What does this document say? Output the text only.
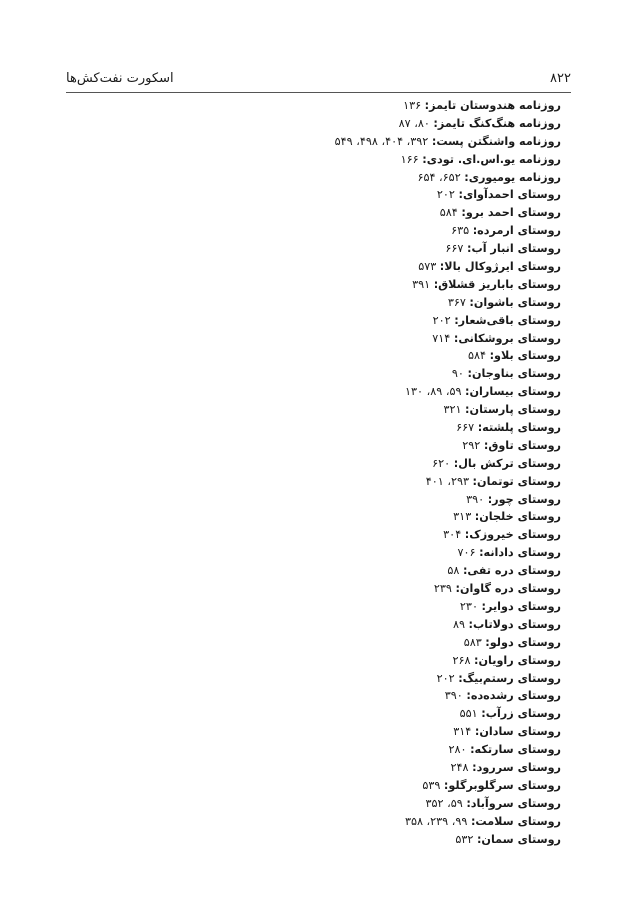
۸۲۲
اسکورت نفت‌کش‌ها
روزنامه هندوستان تایمز: ۱۳۶
روزنامه هنگ‌کنگ تایمز: ۸۰، ۸۷
روزنامه واشنگتن پست: ۳۹۲، ۴۰۴، ۴۹۸، ۵۴۹
روزنامه یو.اس.ای. تودی: ۱۶۶
روزنامه یومیوری: ۶۵۲، ۶۵۴
روستای احمدآوای: ۲۰۲
روستای احمد برو: ۵۸۴
روستای ارمرده: ۶۳۵
روستای انبار آب: ۶۶۷
روستای ایرژوکال بالا: ۵۷۳
روستای باباریز قشلاق: ۳۹۱
روستای باشوان: ۳۶۷
روستای باقی‌شعار: ۲۰۲
روستای بروشکانی: ۷۱۴
روستای بلاو: ۵۸۴
روستای بناوجان: ۹۰
روستای بیساران: ۵۹، ۸۹، ۱۳۰
روستای پارستان: ۳۲۱
روستای پلشته: ۶۶۷
روستای تاوق: ۲۹۲
روستای ترکش بال: ۶۲۰
روستای توتمان: ۲۹۳، ۴۰۱
روستای چور: ۳۹۰
روستای خلجان: ۳۱۳
روستای خیروزک: ۳۰۴
روستای دادانه: ۷۰۶
روستای دره تفی: ۵۸
روستای دره گاوان: ۲۳۹
روستای دوایر: ۲۳۰
روستای دولاتاب: ۸۹
روستای دولو: ۵۸۳
روستای راویان: ۲۶۸
روستای رستم‌بیگ: ۲۰۲
روستای رشده‌ده: ۳۹۰
روستای زرآب: ۵۵۱
روستای سادان: ۳۱۴
روستای سارتکه: ۲۸۰
روستای سررود: ۲۴۸
روستای سرگلوبرگلو: ۵۳۹
روستای سروآباد: ۵۹، ۳۵۲
روستای سلامت: ۹۹، ۲۳۹، ۳۵۸
روستای سمان: ۵۳۲
